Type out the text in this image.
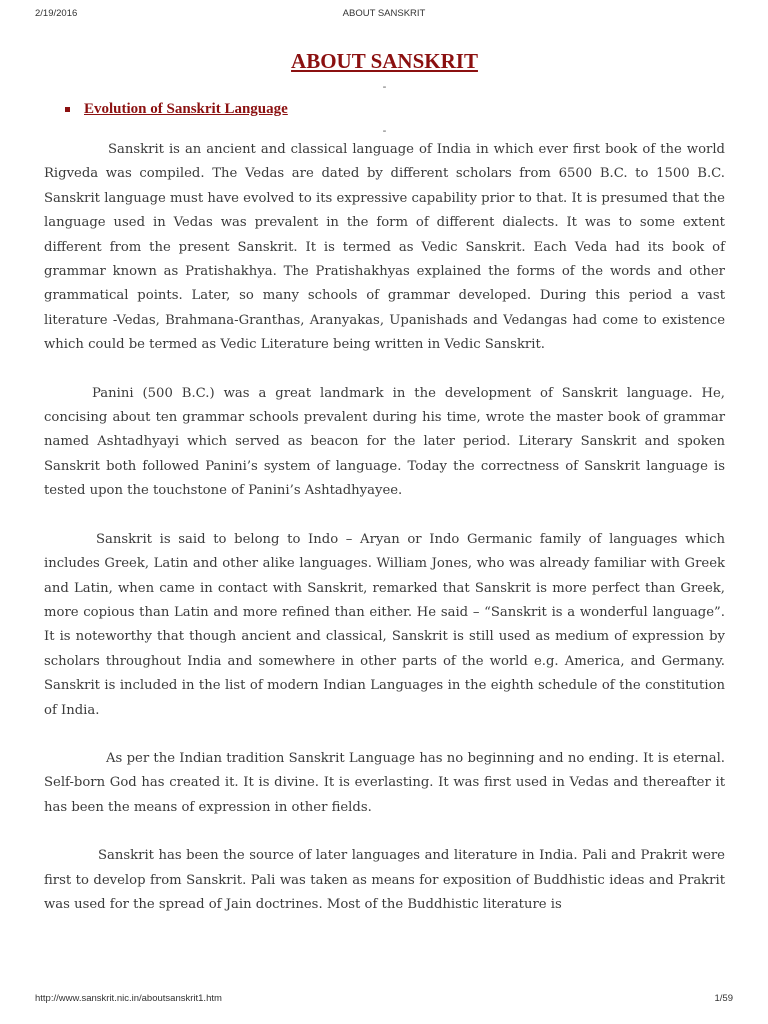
2/19/2016	ABOUT SANSKRIT
ABOUT SANSKRIT
-
Evolution of Sanskrit Language
-

Sanskrit is an ancient and classical language of India in which ever first book of the world Rigveda was compiled. The Vedas are dated by different scholars from 6500 B.C. to 1500 B.C. Sanskrit language must have evolved to its expressive capability prior to that. It is presumed that the language used in Vedas was prevalent in the form of different dialects. It was to some extent different from the present Sanskrit. It is termed as Vedic Sanskrit. Each Veda had its book of grammar known as Pratishakhya. The Pratishakhyas explained the forms of the words and other grammatical points. Later, so many schools of grammar developed. During this period a vast literature -Vedas, Brahmana-Granthas, Aranyakas, Upanishads and Vedangas had come to existence which could be termed as Vedic Literature being written in Vedic Sanskrit.

Panini (500 B.C.) was a great landmark in the development of Sanskrit language. He, concising about ten grammar schools prevalent during his time, wrote the master book of grammar named Ashtadhyayi which served as beacon for the later period. Literary Sanskrit and spoken Sanskrit both followed Panini’s system of language. Today the correctness of Sanskrit language is tested upon the touchstone of Panini’s Ashtadhyayee.

Sanskrit is said to belong to Indo – Aryan or Indo Germanic family of languages which includes Greek, Latin and other alike languages. William Jones, who was already familiar with Greek and Latin, when came in contact with Sanskrit, remarked that Sanskrit is more perfect than Greek, more copious than Latin and more refined than either. He said – “Sanskrit is a wonderful language”. It is noteworthy that though ancient and classical, Sanskrit is still used as medium of expression by scholars throughout India and somewhere in other parts of the world e.g. America, and Germany. Sanskrit is included in the list of modern Indian Languages in the eighth schedule of the constitution of India.

As per the Indian tradition Sanskrit Language has no beginning and no ending. It is eternal. Self-born God has created it. It is divine. It is everlasting. It was first used in Vedas and thereafter it has been the means of expression in other fields.

Sanskrit has been the source of later languages and literature in India. Pali and Prakrit were first to develop from Sanskrit. Pali was taken as means for exposition of Buddhistic ideas and Prakrit was used for the spread of Jain doctrines. Most of the Buddhistic literature is

http://www.sanskrit.nic.in/aboutsanskrit1.htm	1/59
